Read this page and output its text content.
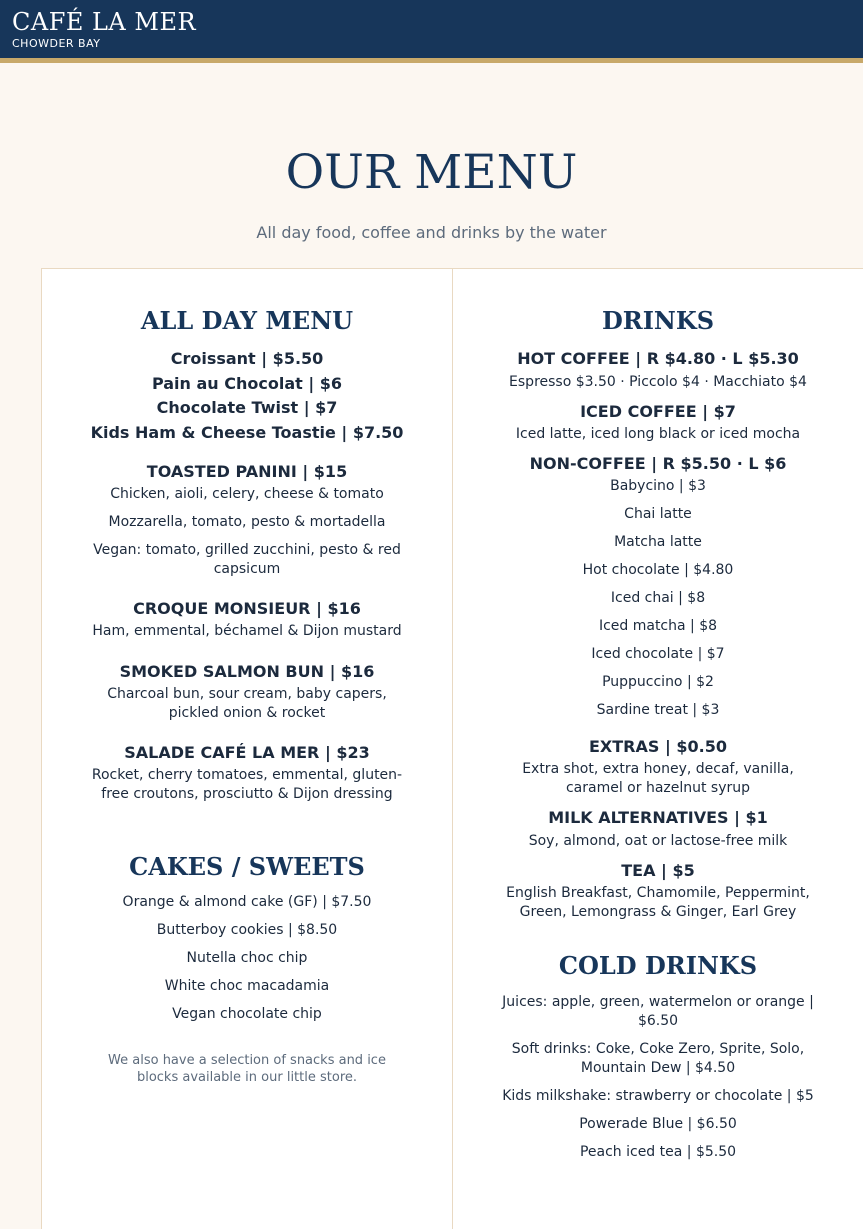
CAFÉ LA MER
CHOWDER BAY
OUR MENU
All day food, coffee and drinks by the water
ALL DAY MENU
Croissant | $5.50
Pain au Chocolat | $6
Chocolate Twist | $7
Kids Ham & Cheese Toastie | $7.50
TOASTED PANINI | $15
Chicken, aioli, celery, cheese & tomato
Mozzarella, tomato, pesto & mortadella
Vegan: tomato, grilled zucchini, pesto & red capsicum
CROQUE MONSIEUR | $16
Ham, emmental, béchamel & Dijon mustard
SMOKED SALMON BUN | $16
Charcoal bun, sour cream, baby capers, pickled onion & rocket
SALADE CAFÉ LA MER | $23
Rocket, cherry tomatoes, emmental, gluten-free croutons, prosciutto & Dijon dressing
CAKES / SWEETS
Orange & almond cake (GF) | $7.50
Butterboy cookies | $8.50
Nutella choc chip
White choc macadamia
Vegan chocolate chip
We also have a selection of snacks and ice blocks available in our little store.
DRINKS
HOT COFFEE | R $4.80 · L $5.30
Espresso $3.50 · Piccolo $4 · Macchiato $4
ICED COFFEE | $7
Iced latte, iced long black or iced mocha
NON-COFFEE | R $5.50 · L $6
Babycino | $3
Chai latte
Matcha latte
Hot chocolate | $4.80
Iced chai | $8
Iced matcha | $8
Iced chocolate | $7
Puppuccino | $2
Sardine treat | $3
EXTRAS | $0.50
Extra shot, extra honey, decaf, vanilla, caramel or hazelnut syrup
MILK ALTERNATIVES | $1
Soy, almond, oat or lactose-free milk
TEA | $5
English Breakfast, Chamomile, Peppermint, Green, Lemongrass & Ginger, Earl Grey
COLD DRINKS
Juices: apple, green, watermelon or orange | $6.50
Soft drinks: Coke, Coke Zero, Sprite, Solo, Mountain Dew | $4.50
Kids milkshake: strawberry or chocolate | $5
Powerade Blue | $6.50
Peach iced tea | $5.50
